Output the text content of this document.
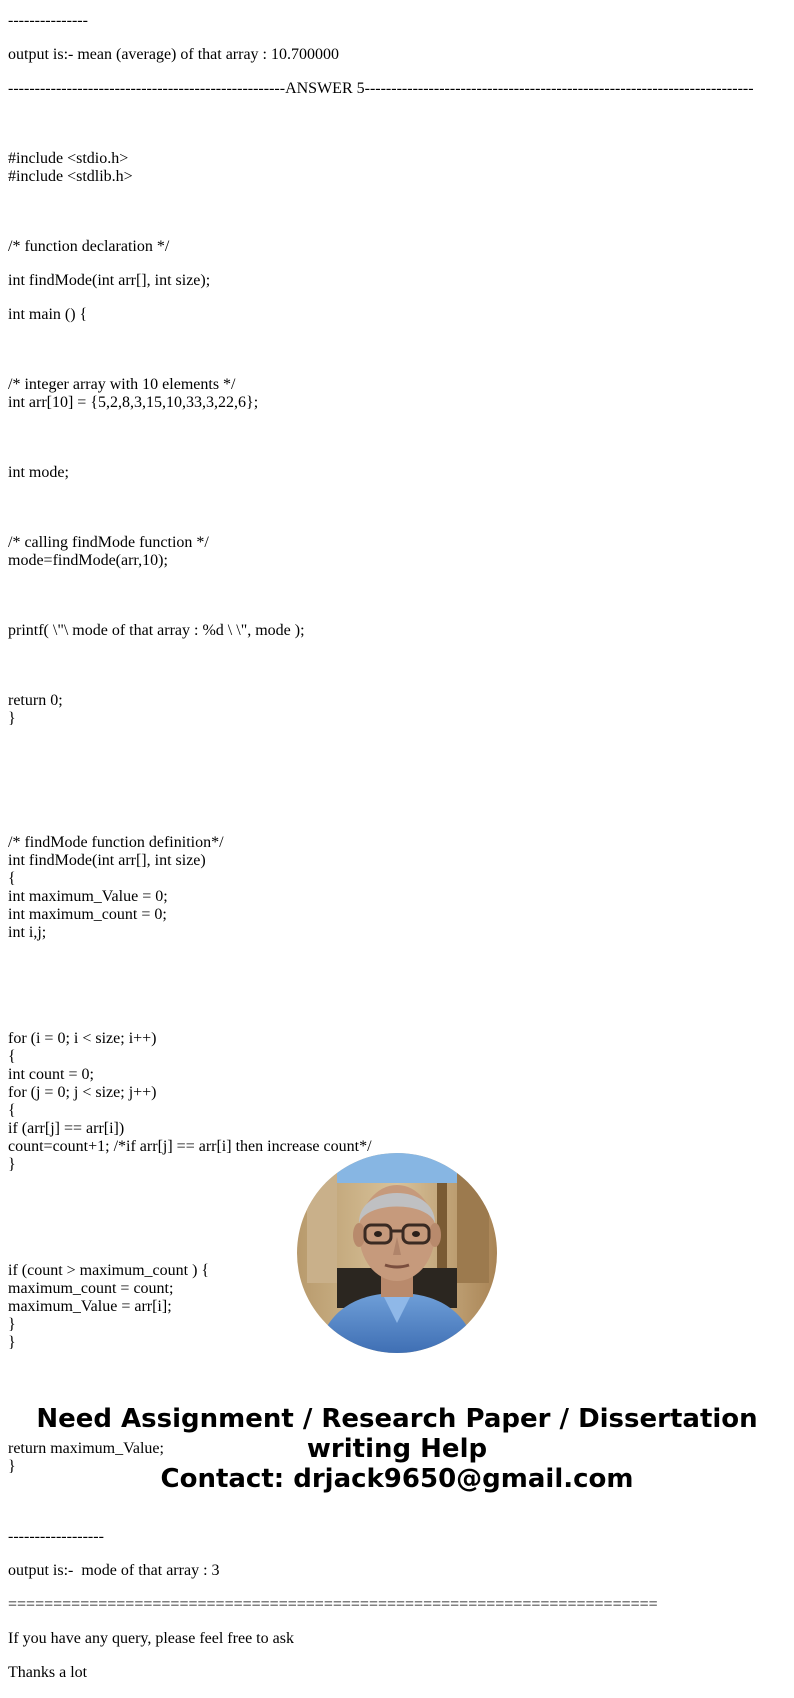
---------------

output is:- mean (average) of that array : 10.700000

----------------------------------------------------ANSWER 5-------------------------------------------------------------------------

#include <stdio.h>
#include <stdlib.h>

/* function declaration */

int findMode(int arr[], int size);

int main () {

/* integer array with 10 elements */
int arr[10] = {5,2,8,3,15,10,33,3,22,6};

int mode;

/* calling findMode function */
mode=findMode(arr,10);

printf( \"\ mode of that array : %d \ \", mode );

return 0;
}

/* findMode function definition*/
int findMode(int arr[], int size)
{
int maximum_Value = 0;
int maximum_count = 0;
int i,j;

for (i = 0; i < size; i++)
{
int count = 0;
for (j = 0; j < size; j++)
{
if (arr[j] == arr[i])
count=count+1; /*if arr[j] == arr[i] then increase count*/
}

if (count > maximum_count ) {
maximum_count = count;
maximum_Value = arr[i];
}
}

return maximum_Value;
}

------------------

output is:-  mode of that array : 3

========================================================================

If you have any query, please feel free to ask

Thanks a lot

Need Assignment / Research Paper / Dissertation
writing Help
Contact: drjack9650@gmail.com
